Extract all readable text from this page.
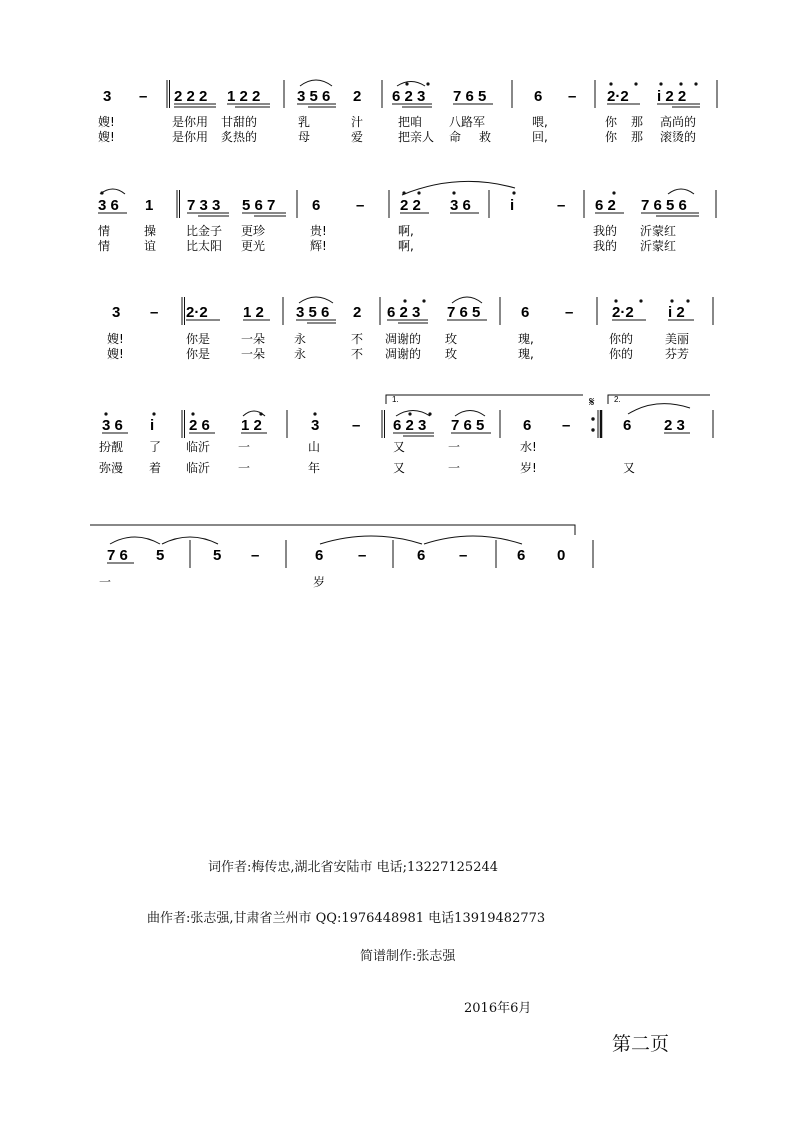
3 – 2 2 2 1 2 2 3 5 6 2 6 2 3 7 6 5	6 – 2·2 i 2 2
嫂!	是你用 甘甜的	乳	汁	把咱 八路军	喂,	你 那 高尚的
嫂!	是你用 炙热的	母	爱	把亲人 命 救	回,	你 那 滚烫的
3 6 1 7 3 3 5 6 7 6 – 2 2 3 6	i	– 6 2 7 6 5 6
情	操 比金子 更珍	贵!	啊,	我的 沂蒙红
情	谊 比太阳 更光	辉!	啊,	我的 沂蒙红
3 – 2·2 1 2 3 5 6 2 6 2 3 7 6 5	6 –	2·2 i 2
嫂!	你是	一朵 永	不 凋谢的 玫	瑰,	你的	美丽
嫂!	你是	一朵 永	不 凋谢的 玫	瑰,	你的	芬芳
1.	2.
𝄋
3 6 i 2 6 1 2	3 – 6 2 3 7 6 5	6 –	6 2 3
扮靓 了 临沂 一	山	又	一	水!
弥漫 着 临沂 一	年	又	一	岁!	又
7 6 5	5 –	6 –	6 –	6 0
一	岁
词作者:梅传忠,湖北省安陆市 电话;13227125244
曲作者:张志强,甘肃省兰州市 QQ:1976448981 电话13919482773
简谱制作:张志强
2016年6月
第二页
